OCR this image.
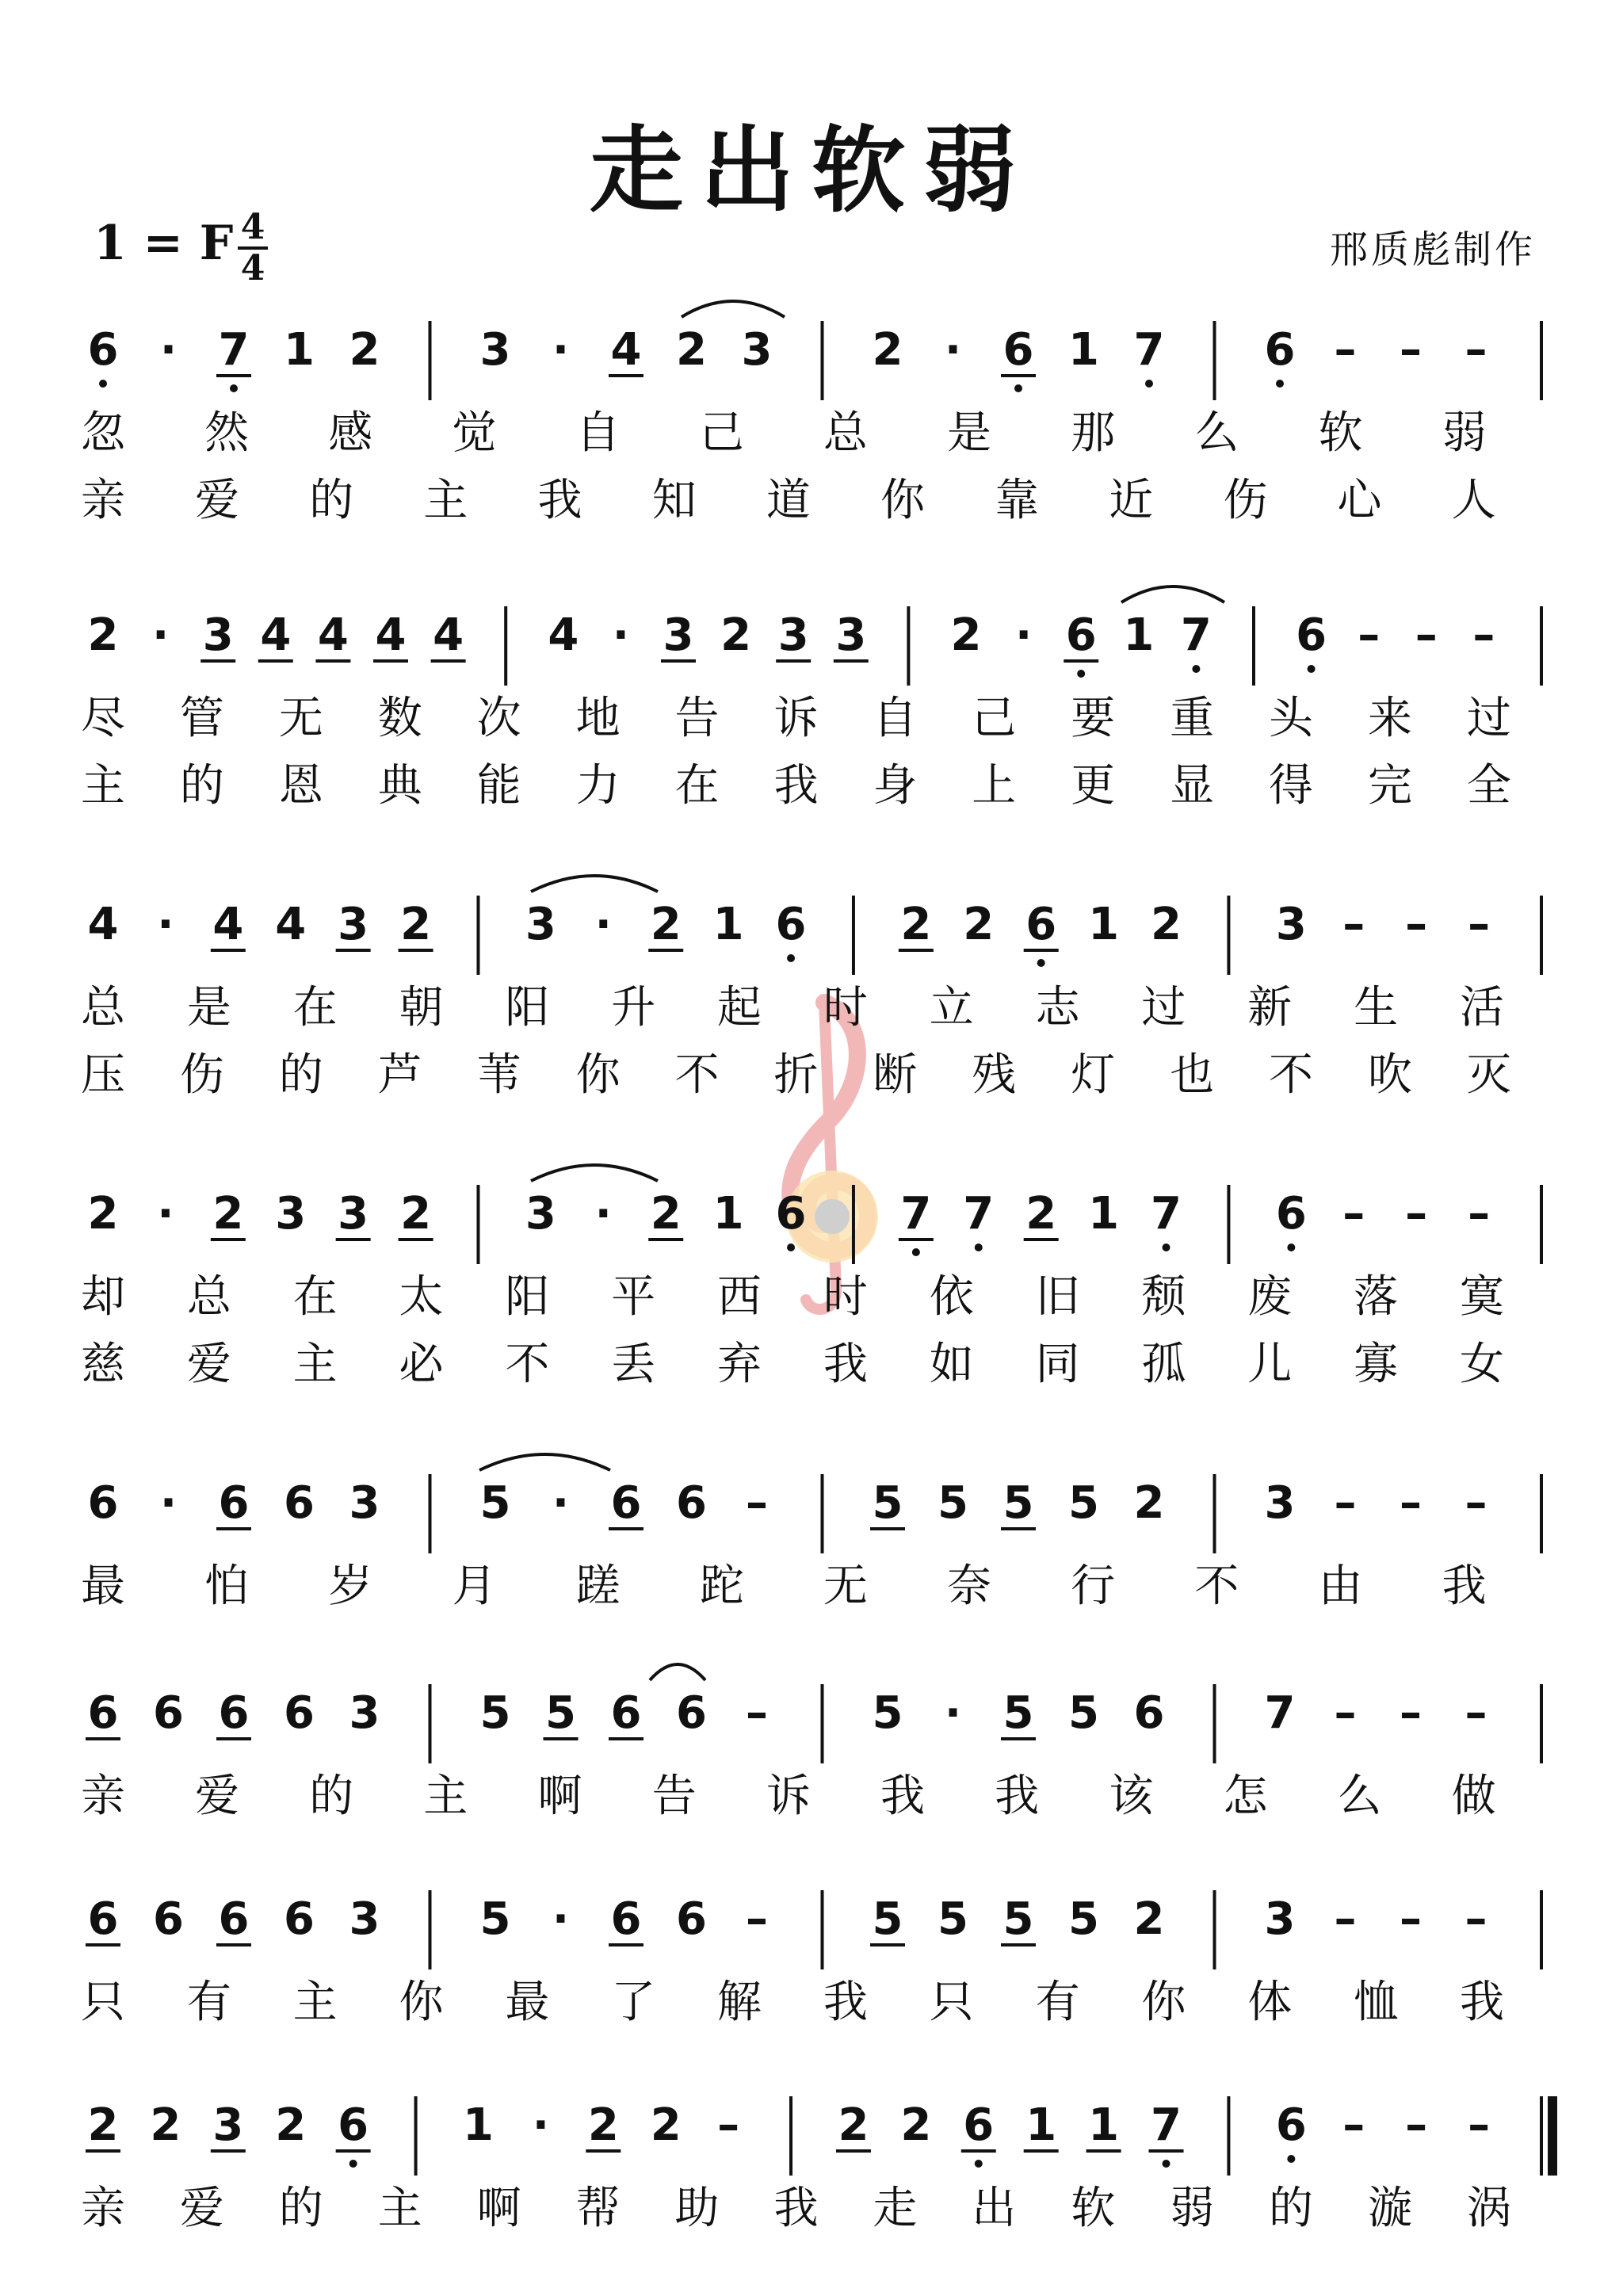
走出软弱
1 = F 4
4	邢质彪制作
6 · 7 1 2 3 · 4 2 3 2 · 6 1 7 6 – – –
忽 然 感 觉 自 己 总 是 那 么 软 弱
亲 爱 的 主 我 知 道 你 靠 近 伤 心 人
2 · 3 4 4 4 4 4 · 3 2 3 3 2 · 6 1 7 6 – – –
尽 管 无 数 次 地 告 诉 自 己 要 重 头 来 过
主 的 恩 典 能 力 在 我 身 上 更 显 得 完 全
4 · 4 4 3 2 3 · 2 1 6 2 2 6 1 2 3 – – –
总 是 在 朝 阳 升 起 时 立 志 过 新 生 活
压 伤 的 芦 苇 你 不 折 断 残 灯 也 不 吹 灭
2 · 2 3 3 2 3 · 2 1 6 7 7 2 1 7 6 – – –
却 总 在 太 阳 平 西 时 依 旧 颓 废 落 寞
慈 爱 主 必 不 丢 弃 我 如 同 孤 儿 寡 女
6 · 6 6 3 5 · 6 6 – 5 5 5 5 2 3 – – –
最 怕 岁 月 蹉 跎 无 奈 行 不 由 我
6 6 6 6 3 5 5 6 6 – 5 · 5 5 6 7 – – –
亲 爱 的 主 啊 告 诉 我 我 该 怎 么 做
6 6 6 6 3 5 · 6 6 – 5 5 5 5 2 3 – – –
只 有 主 你 最 了 解 我 只 有 你 体 恤 我
2 2 3 2 6 1 · 2 2 – 2 2 6 1 1 7 6 – – –
亲 爱 的 主 啊 帮 助 我 走 出 软 弱 的 漩 涡
